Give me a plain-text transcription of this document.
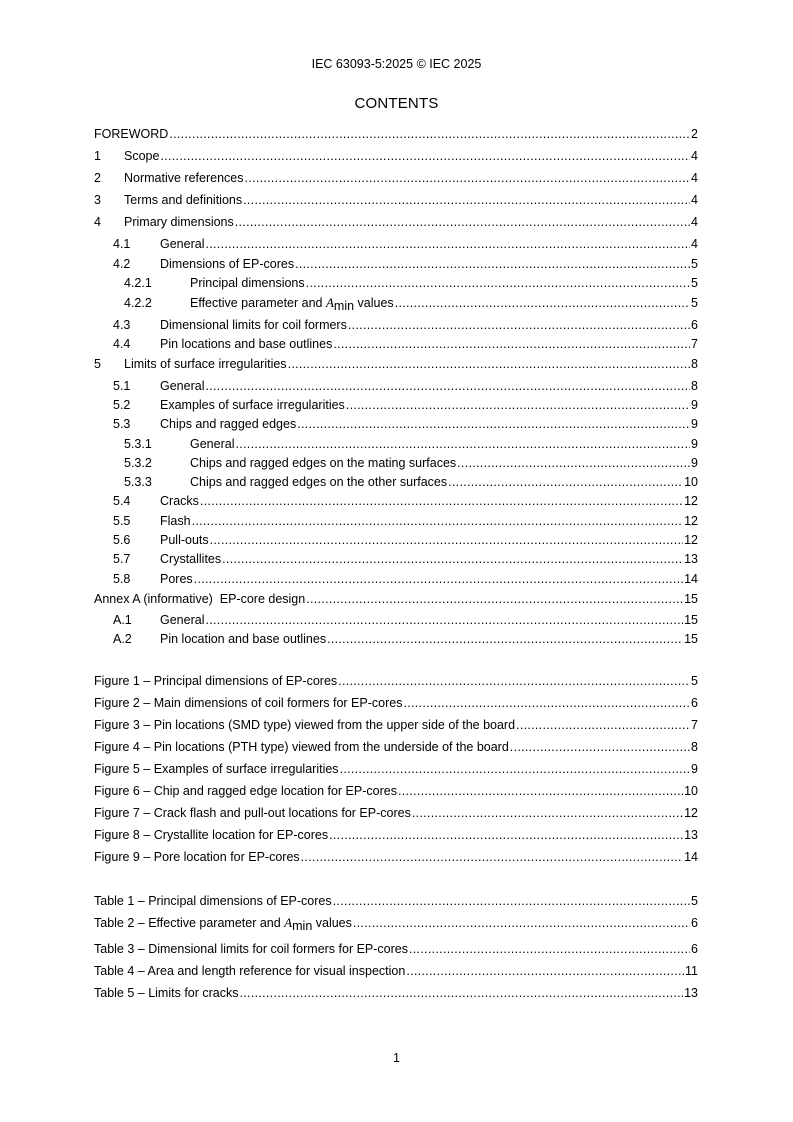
IEC 63093-5:2025 © IEC 2025
CONTENTS
FOREWORD .....	2
1	Scope .....	4
2	Normative references .....	4
3	Terms and definitions .....	4
4	Primary dimensions .....	4
4.1	General .....	4
4.2	Dimensions of EP-cores .....	5
4.2.1	Principal dimensions .....	5
4.2.2	Effective parameter and Amin values .....	5
4.3	Dimensional limits for coil formers .....	6
4.4	Pin locations and base outlines .....	7
5	Limits of surface irregularities .....	8
5.1	General .....	8
5.2	Examples of surface irregularities .....	9
5.3	Chips and ragged edges .....	9
5.3.1	General .....	9
5.3.2	Chips and ragged edges on the mating surfaces .....	9
5.3.3	Chips and ragged edges on the other surfaces .....	10
5.4	Cracks .....	12
5.5	Flash .....	12
5.6	Pull-outs .....	12
5.7	Crystallites .....	13
5.8	Pores .....	14
Annex A (informative)  EP-core design .....	15
A.1	General .....	15
A.2	Pin location and base outlines .....	15
Figure 1 – Principal dimensions of EP-cores .....	5
Figure 2 – Main dimensions of coil formers for EP-cores .....	6
Figure 3 – Pin locations (SMD type) viewed from the upper side of the board .....	7
Figure 4 – Pin locations (PTH type) viewed from the underside of the board .....	8
Figure 5 – Examples of surface irregularities .....	9
Figure 6 – Chip and ragged edge location for EP-cores .....	10
Figure 7 – Crack flash and pull-out locations for EP-cores .....	12
Figure 8 – Crystallite location for EP-cores .....	13
Figure 9 – Pore location for EP-cores .....	14
Table 1 – Principal dimensions of EP-cores .....	5
Table 2 – Effective parameter and Amin values .....	6
Table 3 – Dimensional limits for coil formers for EP-cores .....	6
Table 4 – Area and length reference for visual inspection .....	11
Table 5 – Limits for cracks .....	13
1
